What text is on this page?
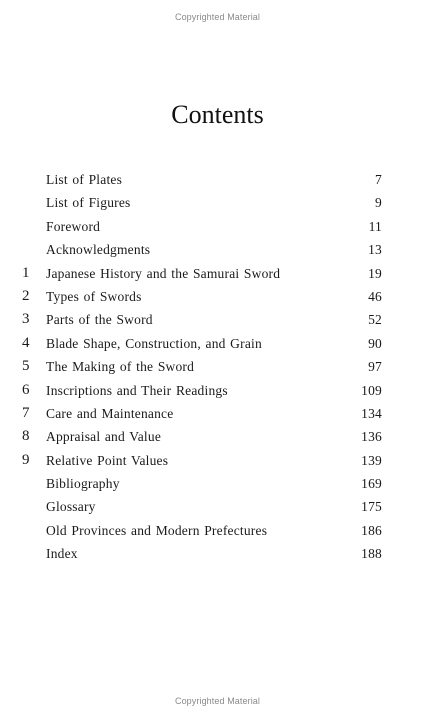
Copyrighted Material
Contents
List of Plates	7
List of Figures	9
Foreword	11
Acknowledgments	13
1	Japanese History and the Samurai Sword	19
2	Types of Swords	46
3	Parts of the Sword	52
4	Blade Shape, Construction, and Grain	90
5	The Making of the Sword	97
6	Inscriptions and Their Readings	109
7	Care and Maintenance	134
8	Appraisal and Value	136
9	Relative Point Values	139
Bibliography	169
Glossary	175
Old Provinces and Modern Prefectures	186
Index	188
Copyrighted Material
